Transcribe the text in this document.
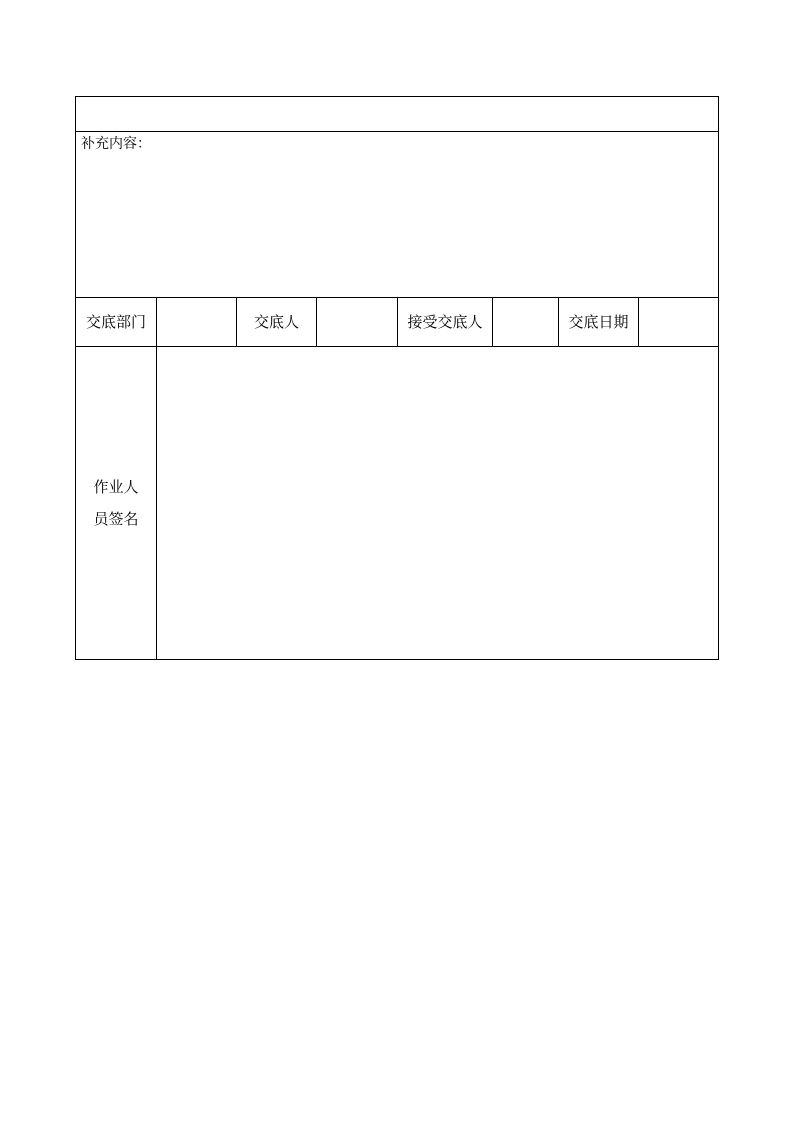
补充内容：
交底部门	交底人	接受交底人	交底日期
作业人
员签名
